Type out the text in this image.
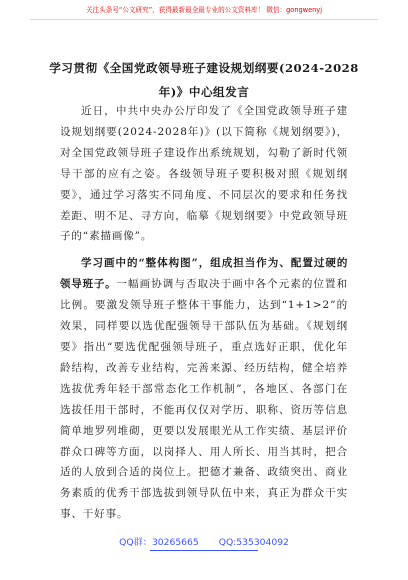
关注头条号“公文研究”，获得最新最全最专业的公文资料库！ 微信：gongwenyj
学习贯彻《全国党政领导班子建设规划纲要(2024-2028
年)》中心组发言

近日，中共中央办公厅印发了《全国党政领导班子建设规划纲要(2024-2028年)》(以下简称《规划纲要》)，对全国党政领导班子建设作出系统规划，勾勒了新时代领导干部的应有之姿。各级领导班子要积极对照《规划纲要》，通过学习落实不同角度、不同层次的要求和任务找差距、明不足、寻方向，临摹《规划纲要》中党政领导班子的“素描画像”。

学习画中的“整体构图”，组成担当作为、配置过硬的领导班子。一幅画协调与否取决于画中各个元素的位置和比例。要激发领导班子整体干事能力，达到“1+1>2”的效果，同样要以选优配强领导干部队伍为基础。《规划纲要》指出“要选优配强领导班子，重点选好正职，优化年龄结构，改善专业结构，完善来源、经历结构，健全培养选拔优秀年轻干部常态化工作机制”，各地区、各部门在选拔任用干部时，不能再仅仅对学历、职称、资历等信息简单地罗列堆砌，更要以发展眼光从工作实绩、基层评价群众口碑等方面，以岗择人、用人所长、用当其时，把合适的人放到合适的岗位上。把德才兼备、政绩突出、商业务素质的优秀干部选拔到领导队伍中来，真正为群众干实事、干好事。

QQ群：30265665 QQ:535304092
